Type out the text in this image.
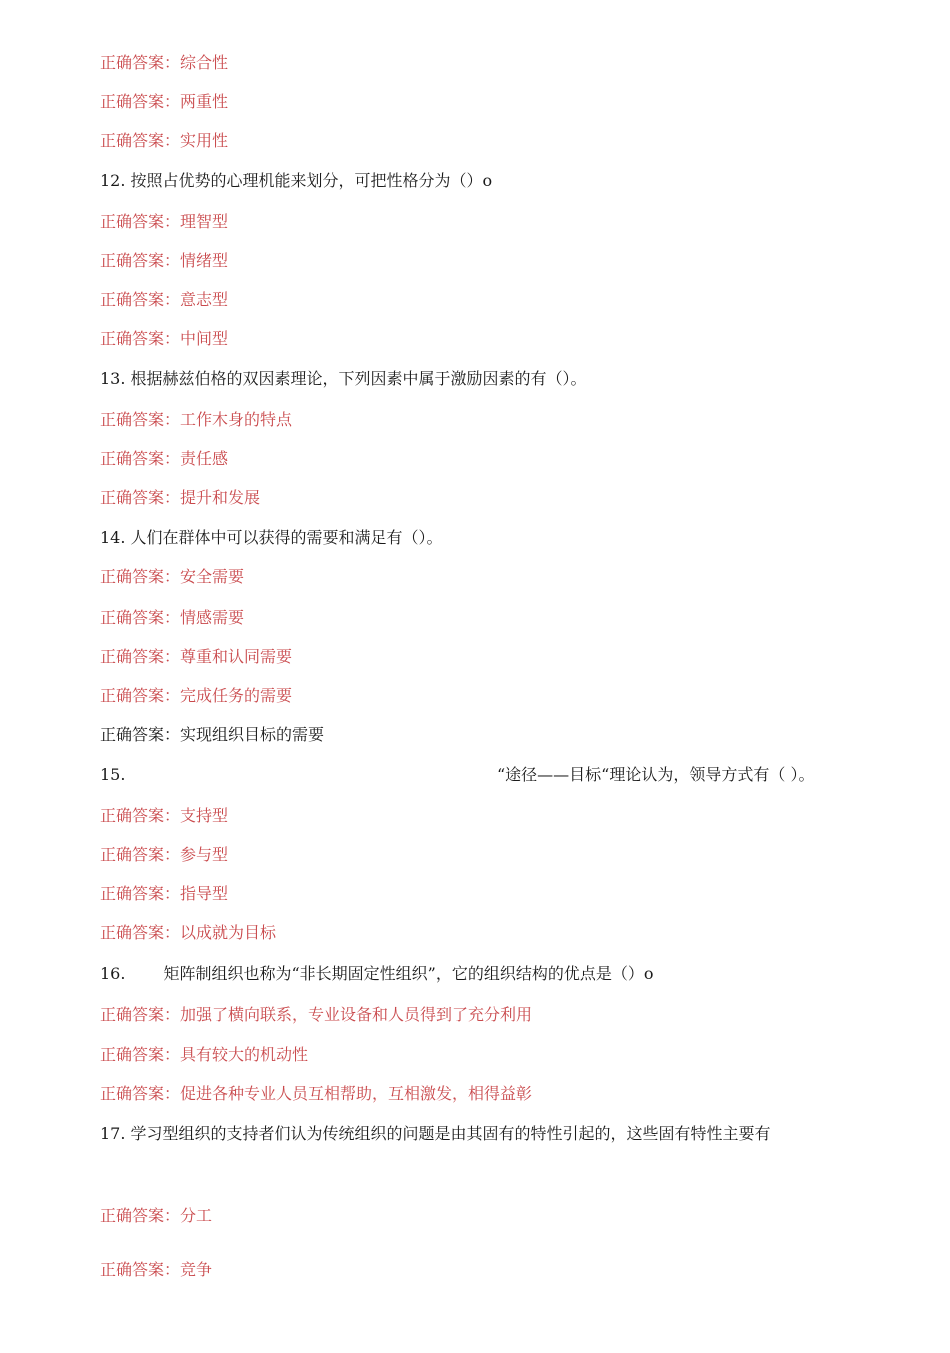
正确答案：综合性
正确答案：两重性
正确答案：实用性
12. 按照占优势的心理机能来划分，可把性格分为（）o
正确答案：理智型
正确答案：情绪型
正确答案：意志型
正确答案：中间型
13. 根据赫兹伯格的双因素理论，下列因素中属于激励因素的有（）。
正确答案：工作木身的特点
正确答案：责任感
正确答案：提升和发展
14. 人们在群体中可以获得的需要和满足有（）。
正确答案：安全需要
正确答案：情感需要
正确答案：尊重和认同需要
正确答案：完成任务的需要
正确答案：实现组织目标的需要
15.	“途径——目标“理论认为，领导方式有（ ）。
正确答案：支持型
正确答案：参与型
正确答案：指导型
正确答案：以成就为目标
16. 矩阵制组织也称为“非长期固定性组织”，它的组织结构的优点是（）o
正确答案：加强了横向联系，专业设备和人员得到了充分利用
正确答案：具有较大的机动性
正确答案：促进各种专业人员互相帮助，互相激发，相得益彰
17. 学习型组织的支持者们认为传统组织的问题是由其固有的特性引起的，这些固有特性主要有
正确答案：分工
正确答案：竞争
